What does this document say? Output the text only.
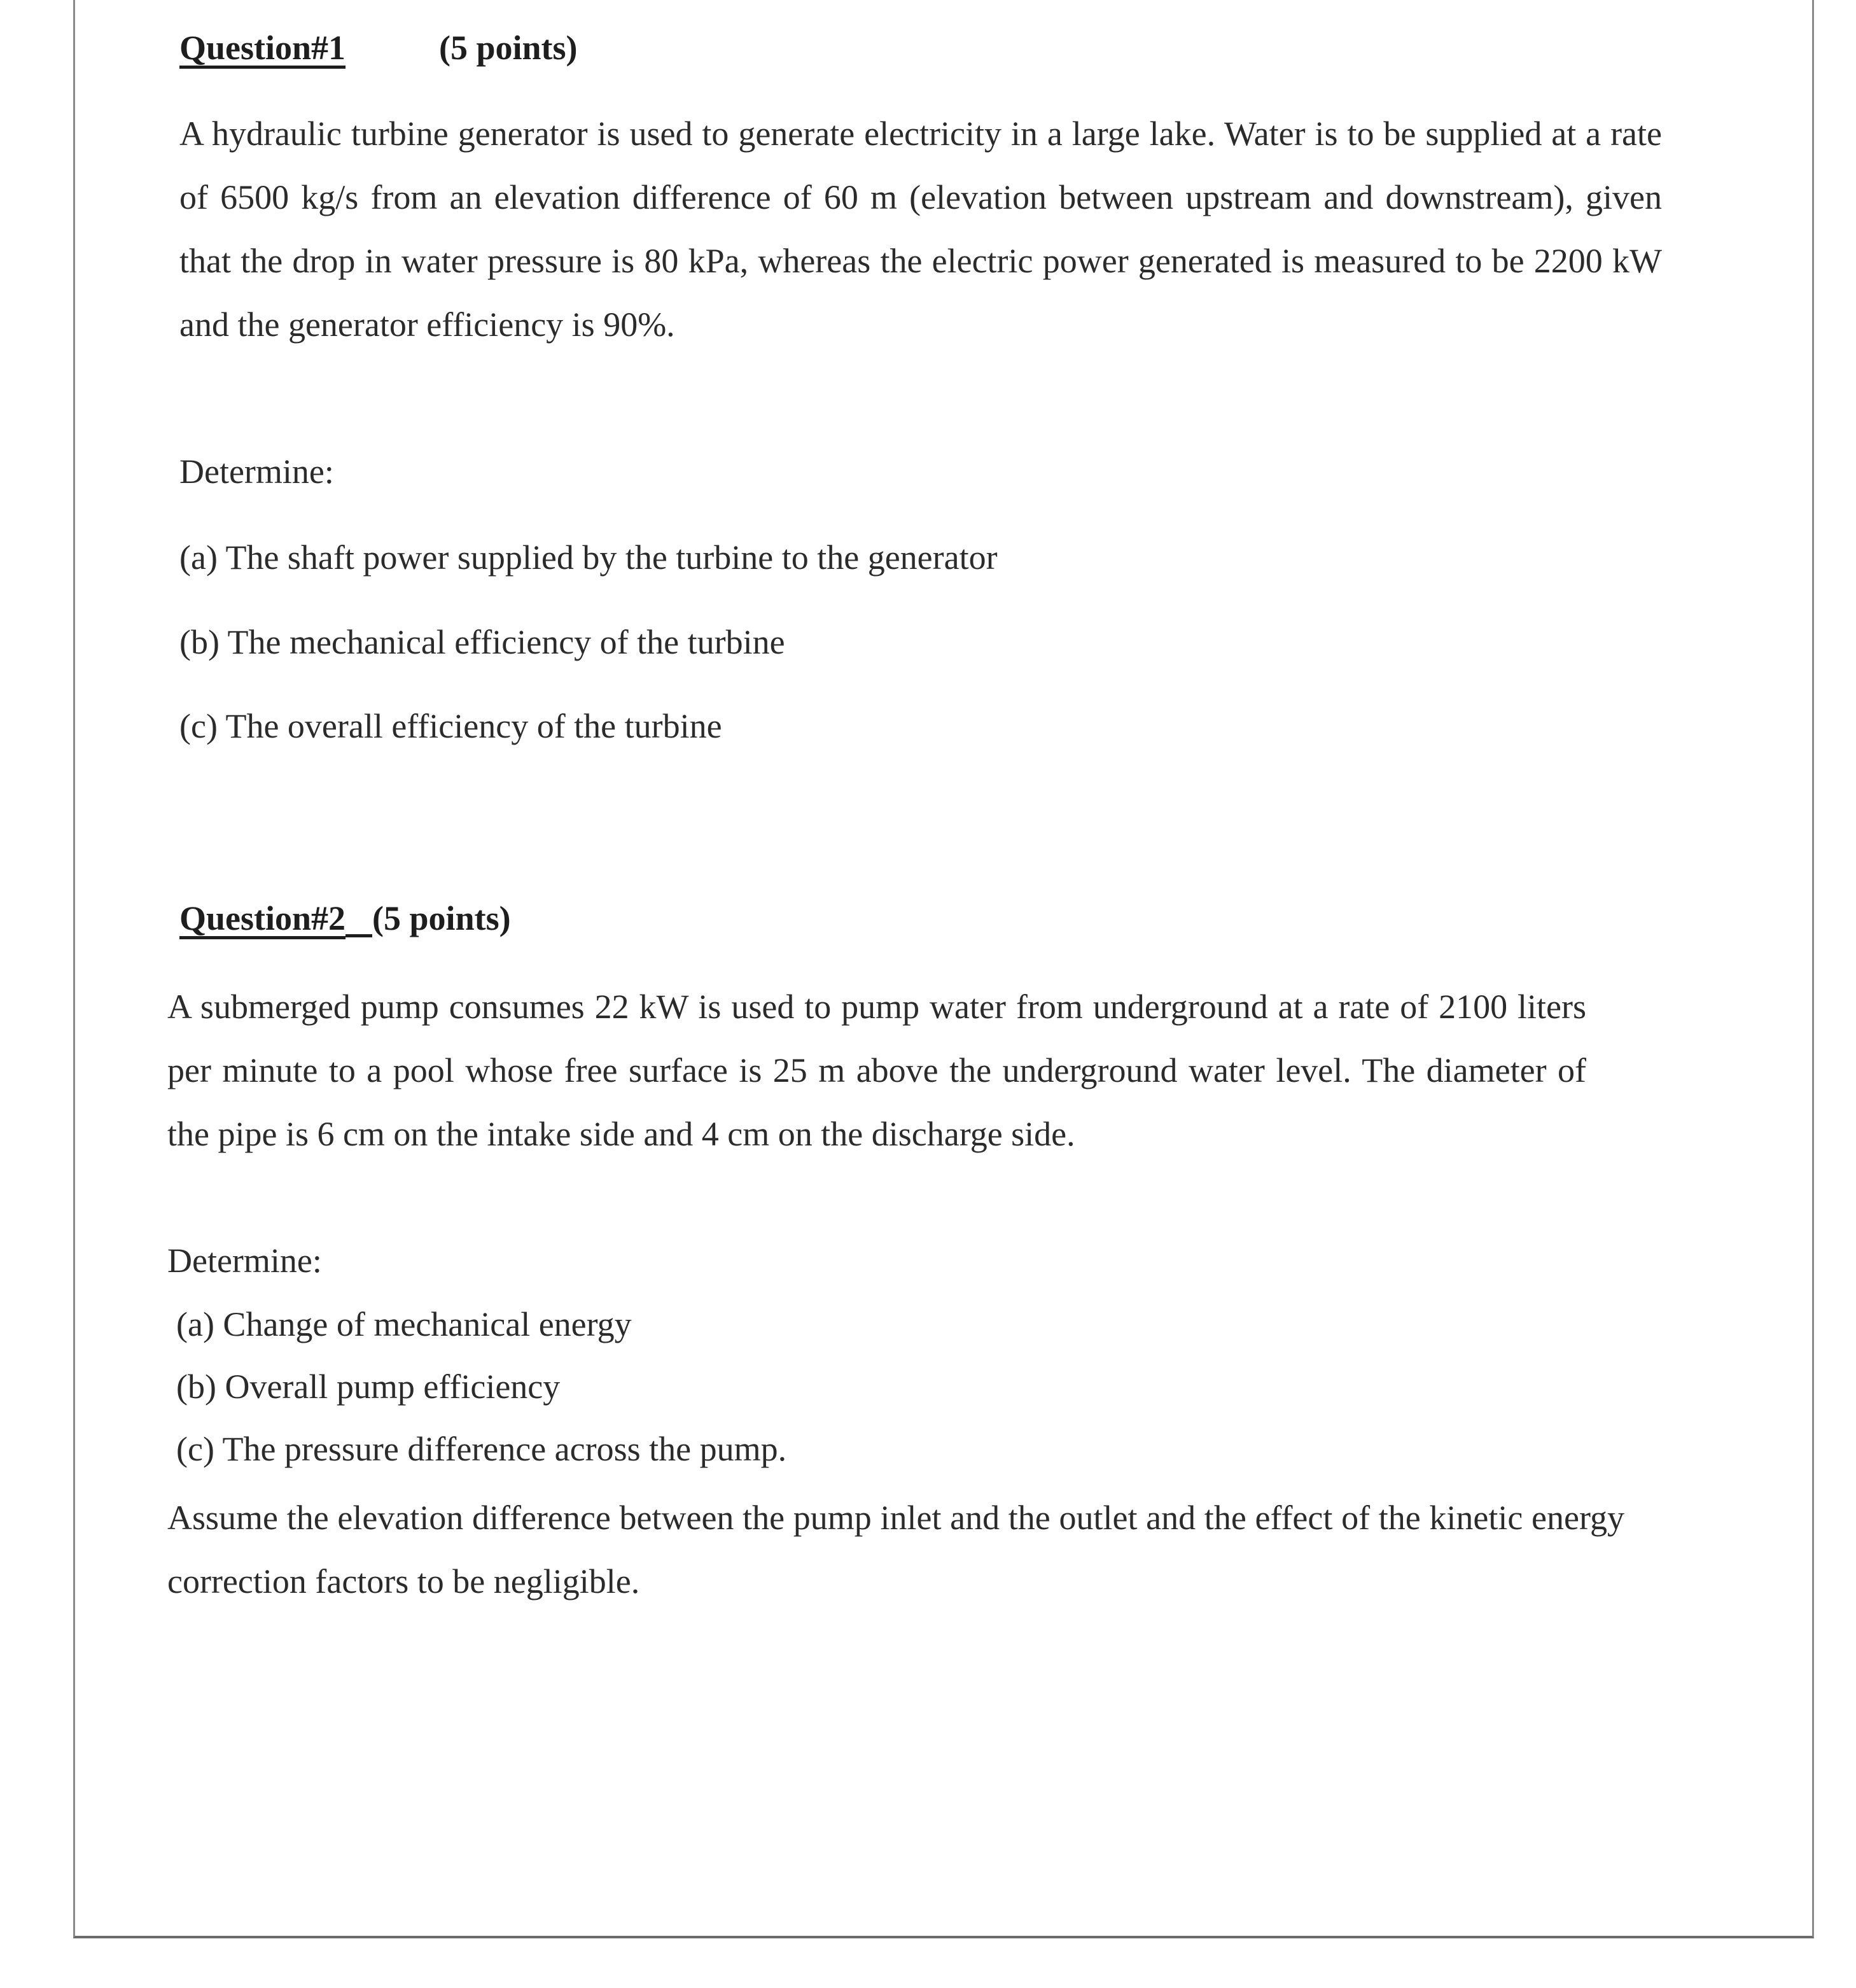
Question#1	(5 points)
A hydraulic turbine generator is used to generate electricity in a large lake. Water is to be supplied at a rate of 6500 kg/s from an elevation difference of 60 m (elevation between upstream and downstream), given that the drop in water pressure is 80 kPa, whereas the electric power generated is measured to be 2200 kW and the generator efficiency is 90%.
Determine:
(a) The shaft power supplied by the turbine to the generator
(b) The mechanical efficiency of the turbine
(c) The overall efficiency of the turbine
Question#2 (5 points)
A submerged pump consumes 22 kW is used to pump water from underground at a rate of 2100 liters per minute to a pool whose free surface is 25 m above the underground water level. The diameter of the pipe is 6 cm on the intake side and 4 cm on the discharge side.
Determine:
(a) Change of mechanical energy
(b) Overall pump efficiency
(c) The pressure difference across the pump.
Assume the elevation difference between the pump inlet and the outlet and the effect of the kinetic energy correction factors to be negligible.
